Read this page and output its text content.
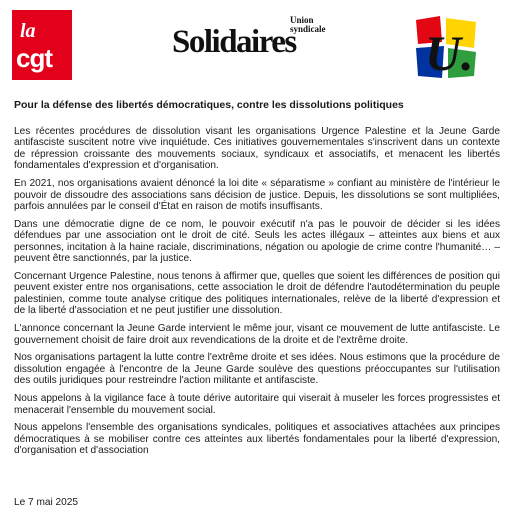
la
cgt
Union
syndicale
Solidaires	U.

Pour la défense des libertés démocratiques, contre les dissolutions politiques

Les récentes procédures de dissolution visant les organisations Urgence Palestine et la Jeune Garde antifasciste suscitent notre vive inquiétude. Ces initiatives gouvernementales s'inscrivent dans un contexte de répression croissante des mouvements sociaux, syndicaux et associatifs, et menacent les libertés fondamentales d'expression et d'organisation.

En 2021, nos organisations avaient dénoncé la loi dite « séparatisme » confiant au ministère de l'intérieur le pouvoir de dissoudre des associations sans décision de justice. Depuis, les dissolutions se sont multipliées, parfois annulées par le conseil d'État en raison de motifs insuffisants.

Dans une démocratie digne de ce nom, le pouvoir exécutif n'a pas le pouvoir de décider si les idées défendues par une association ont le droit de cité. Seuls les actes illégaux – atteintes aux biens et aux personnes, incitation à la haine raciale, discriminations, négation ou apologie de crime contre l'humanité… – peuvent être sanctionnés, par la justice.

Concernant Urgence Palestine, nous tenons à affirmer que, quelles que soient les différences de position qui peuvent exister entre nos organisations, cette association le droit de défendre l'autodétermination du peuple palestinien, comme toute analyse critique des politiques internationales, relève de la liberté d'expression et de la liberté d'association et ne peut justifier une dissolution.

L'annonce concernant la Jeune Garde intervient le même jour, visant ce mouvement de lutte antifasciste. Le gouvernement choisit de faire droit aux revendications de la droite et de l'extrême droite.

Nos organisations partagent la lutte contre l'extrême droite et ses idées. Nous estimons que la procédure de dissolution engagée à l'encontre de la Jeune Garde soulève des questions préoccupantes sur l'utilisation des outils juridiques pour restreindre l'action militante et antifasciste.

Nous appelons à la vigilance face à toute dérive autoritaire qui viserait à museler les forces progressistes et menacerait l'ensemble du mouvement social.

Nous appelons l'ensemble des organisations syndicales, politiques et associatives attachées aux principes démocratiques à se mobiliser contre ces atteintes aux libertés fondamentales pour la liberté d'expression, d'organisation et d'association

Le 7 mai 2025
